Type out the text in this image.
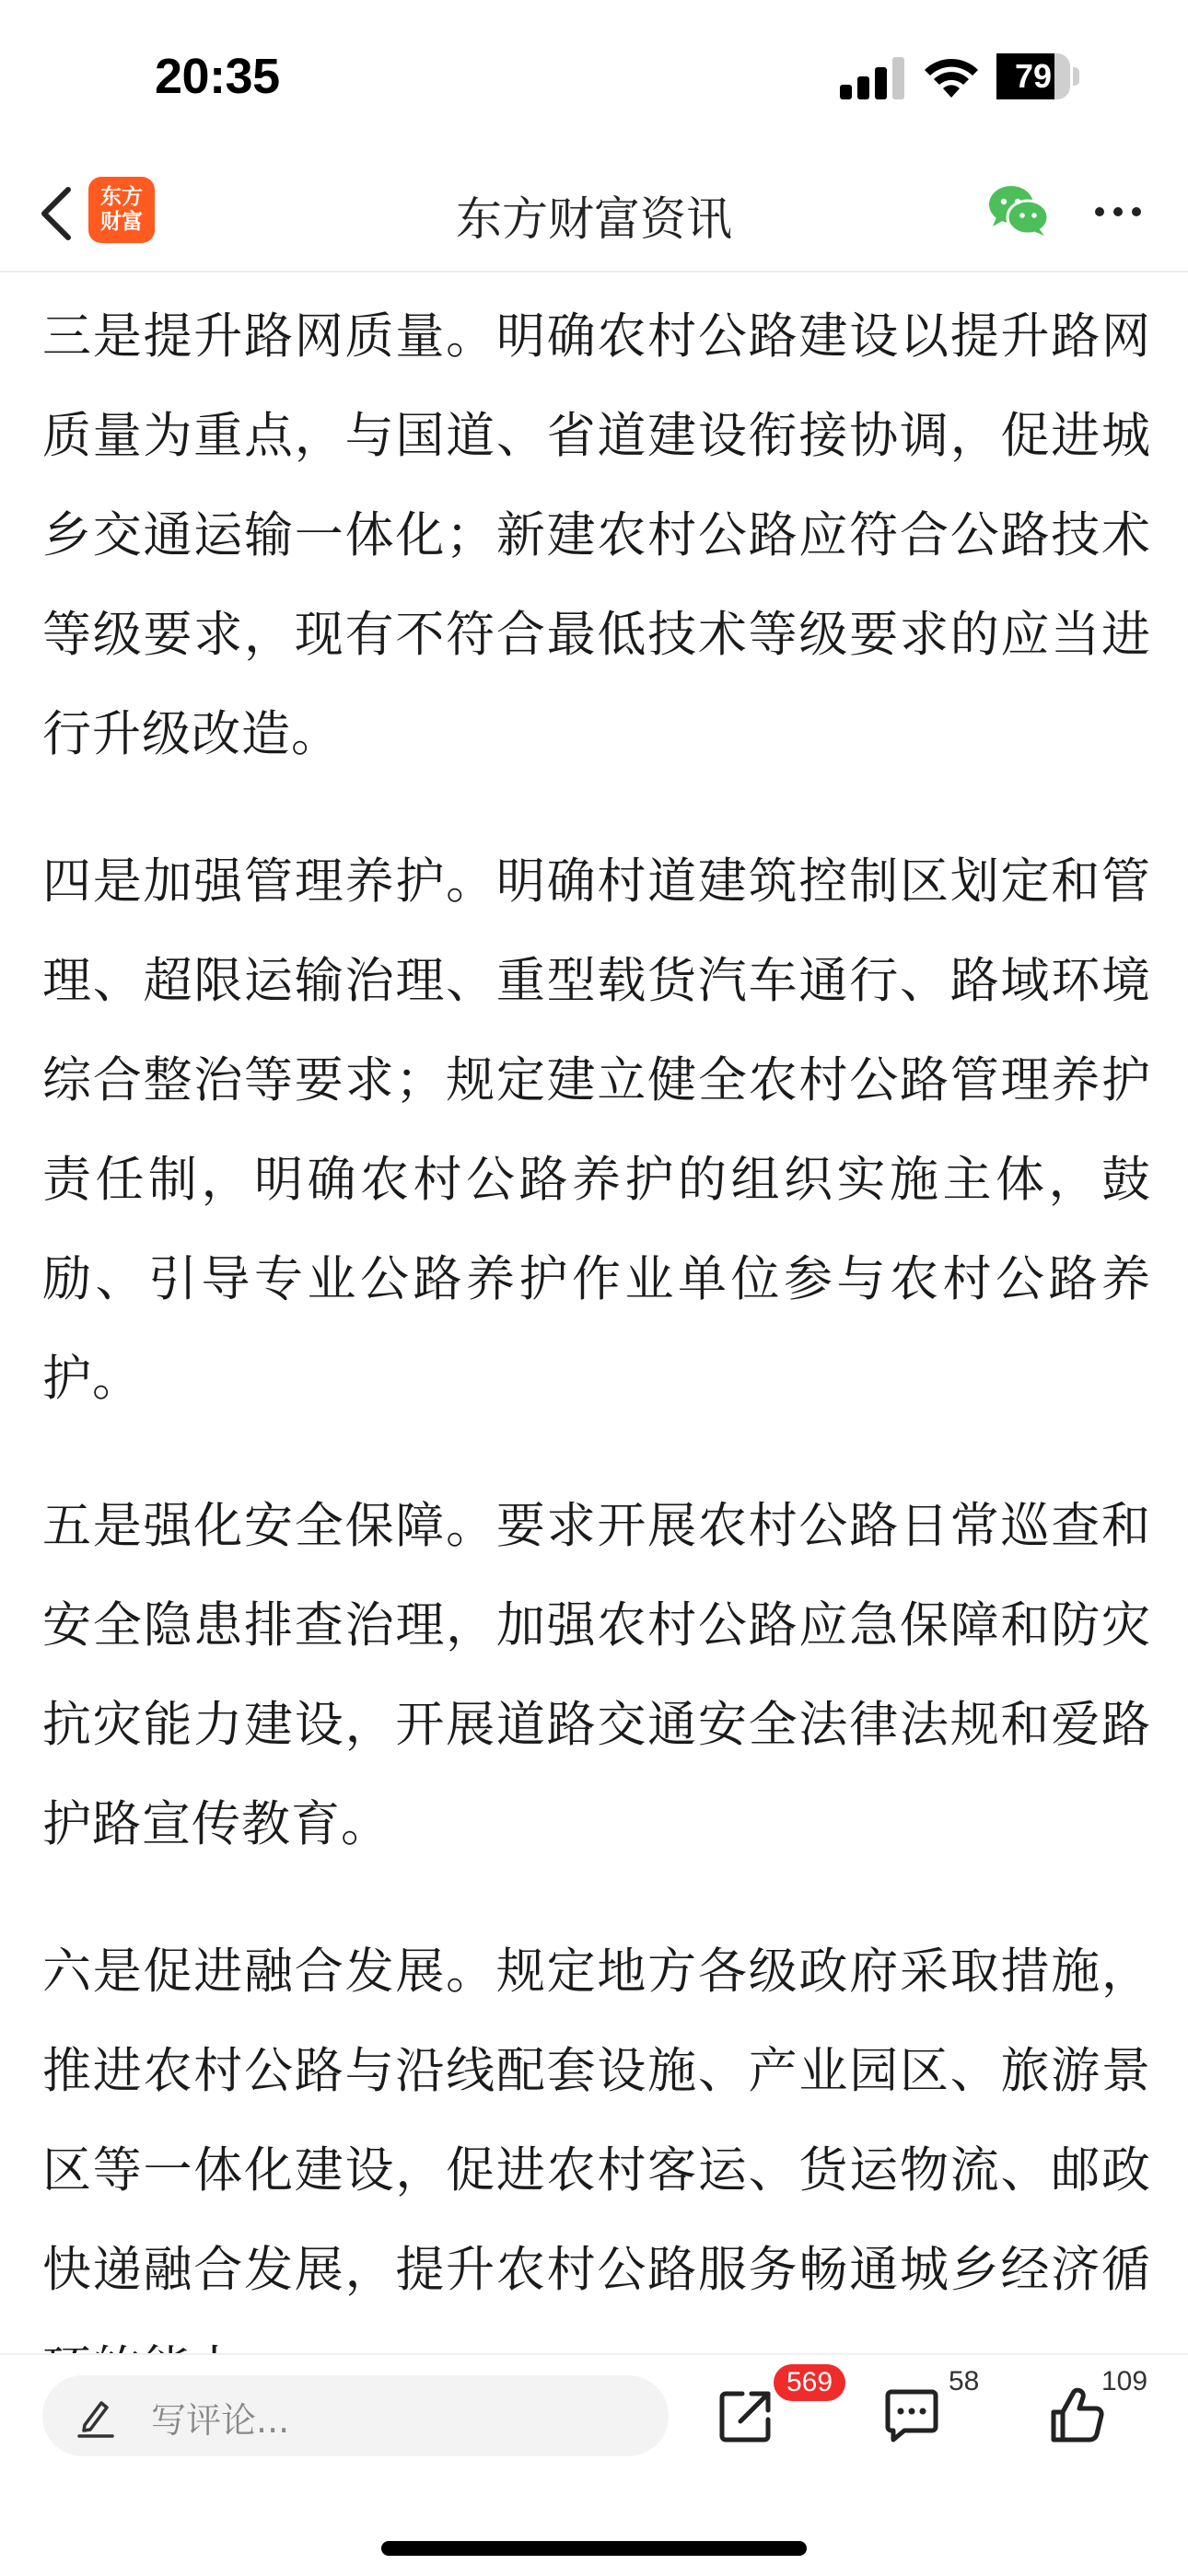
20:35	79
东方
财富	东方财富资讯

三是提升路网质量。明确农村公路建设以提升路网质量为重点，与国道、省道建设衔接协调，促进城乡交通运输一体化；新建农村公路应符合公路技术等级要求，现有不符合最低技术等级要求的应当进行升级改造。

四是加强管理养护。明确村道建筑控制区划定和管理、超限运输治理、重型载货汽车通行、路域环境综合整治等要求；规定建立健全农村公路管理养护责任制，明确农村公路养护的组织实施主体，鼓励、引导专业公路养护作业单位参与农村公路养护。

五是强化安全保障。要求开展农村公路日常巡查和安全隐患排查治理，加强农村公路应急保障和防灾抗灾能力建设，开展道路交通安全法律法规和爱路护路宣传教育。

六是促进融合发展。规定地方各级政府采取措施，推进农村公路与沿线配套设施、产业园区、旅游景区等一体化建设，促进农村客运、货运物流、邮政快递融合发展，提升农村公路服务畅通城乡经济循

写评论...
569	58	109
